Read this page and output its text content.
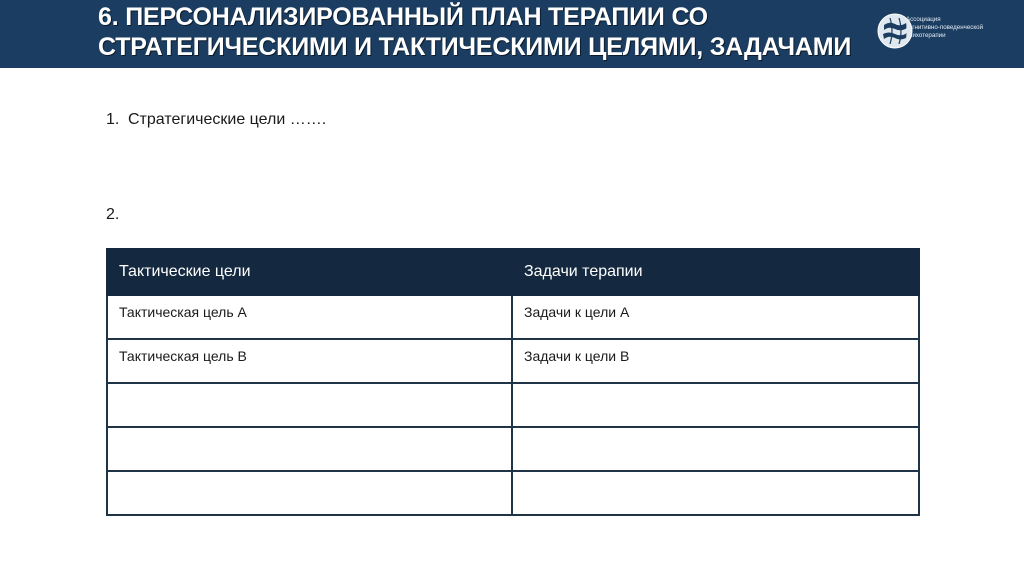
6. ПЕРСОНАЛИЗИРОВАННЫЙ ПЛАН ТЕРАПИИ СО
СТРАТЕГИЧЕСКИМИ И ТАКТИЧЕСКИМИ ЦЕЛЯМИ, ЗАДАЧАМИ
Ассоциация
когнитивно-поведенческой
психотерапии
1. Стратегические цели …….
2.
Тактические цели	Задачи терапии
Тактическая цель А	Задачи к цели А
Тактическая цель В	Задачи к цели В
